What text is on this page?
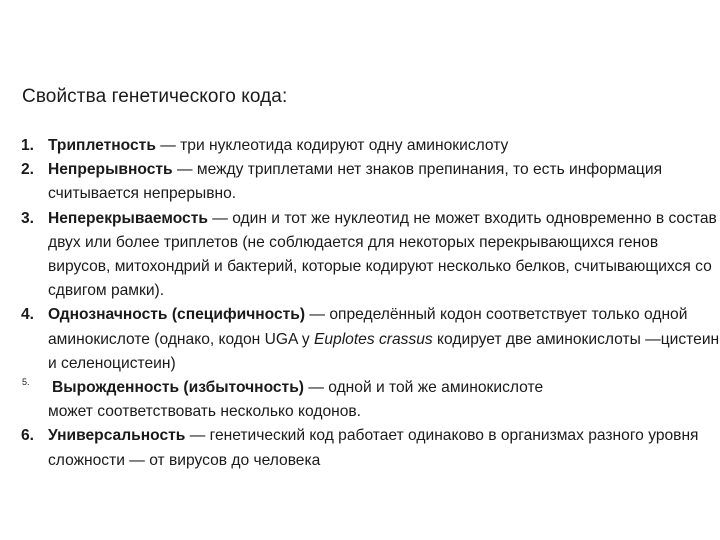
Свойства генетического кода:
1. Триплетность — три нуклеотида кодируют одну аминокислоту
2. Непрерывность — между триплетами нет знаков препинания, то есть информация считывается непрерывно.
3. Неперекрываемость — один и тот же нуклеотид не может входить одновременно в состав двух или более триплетов (не соблюдается для некоторых перекрывающихся генов вирусов, митохондрий и бактерий, которые кодируют несколько белков, считывающихся со сдвигом рамки).
4. Однозначность (специфичность) — определённый кодон соответствует только одной аминокислоте (однако, кодон UGA у Euplotes crassus кодирует две аминокислоты —цистеин и селеноцистеин)
5. Вырожденность (избыточность) — одной и той же аминокислоте
может соответствовать несколько кодонов.
6. Универсальность — генетический код работает одинаково в организмах разного уровня сложности — от вирусов до человека
